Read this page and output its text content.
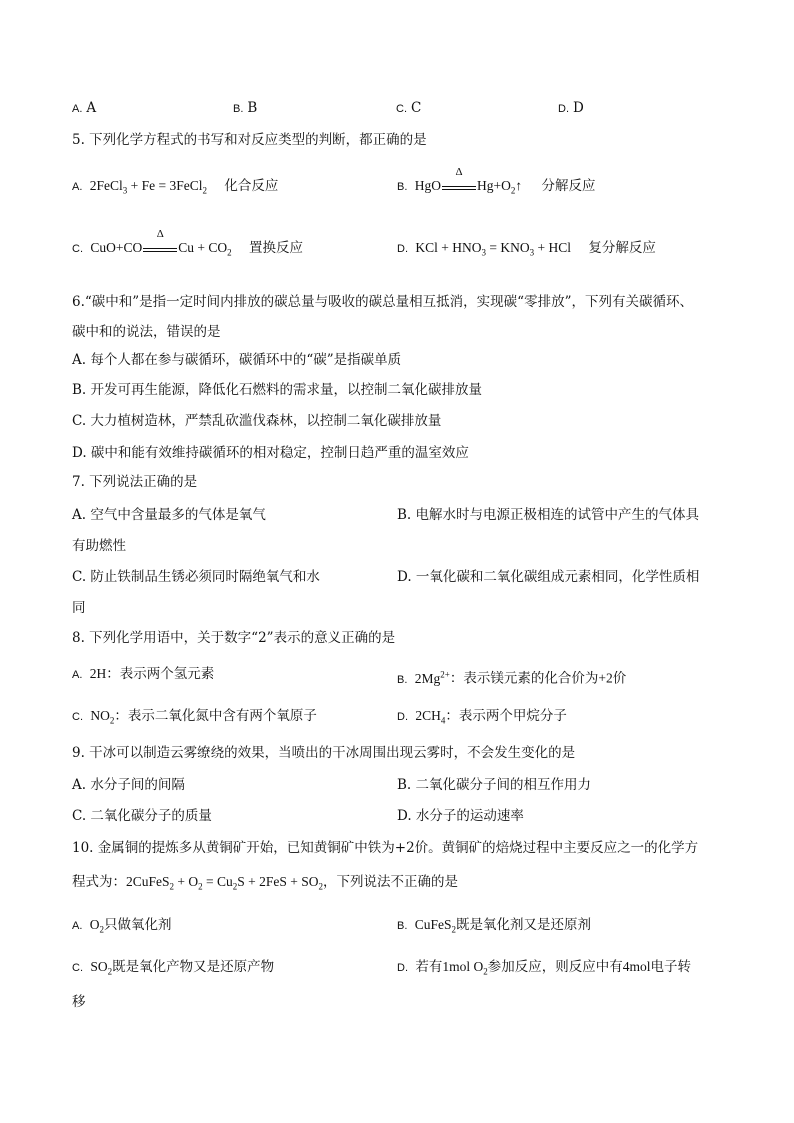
A. A	B. B	C. C	D. D
5. 下列化学方程式的书写和对反应类型的判断，都正确的是
A. 2FeCl$_3$ + Fe = 3FeCl$_2$ 化合反应	B. HgO
Δ
$Hg+O_2↑$ 分解反应
C. CuO+CO
Δ
$Cu + CO_2$ 置换反应	D. KCl + $HNO_3 = KNO_3$ + HCl 复分解反应
6.“碳中和”是指一定时间内排放的碳总量与吸收的碳总量相互抵消，实现碳“零排放”，下列有关碳循环、
碳中和的说法，错误的是
A. 每个人都在参与碳循环，碳循环中的“碳”是指碳单质
B. 开发可再生能源，降低化石燃料的需求量，以控制二氧化碳排放量
C. 大力植树造林，严禁乱砍滥伐森林，以控制二氧化碳排放量
D. 碳中和能有效维持碳循环的相对稳定，控制日趋严重的温室效应
7. 下列说法正确的是
A. 空气中含量最多的气体是氧气	B. 电解水时与电源正极相连的试管中产生的气体具
有助燃性
C. 防止铁制品生锈必须同时隔绝氧气和水	D. 一氧化碳和二氧化碳组成元素相同，化学性质相
同
8. 下列化学用语中，关于数字“2”表示的意义正确的是
A. 2H：表示两个氢元素	B. $2Mg^{2+}$：表示镁元素的化合价为+2价
C. $NO_2$：表示二氧化氮中含有两个氧原子	D. $2CH_4$：表示两个甲烷分子
9. 干冰可以制造云雾缭绕的效果，当喷出的干冰周围出现云雾时，不会发生变化的是
A. 水分子间的间隔	B. 二氧化碳分子间的相互作用力
C. 二氧化碳分子的质量	D. 水分子的运动速率
10. 金属铜的提炼多从黄铜矿开始，已知黄铜矿中铁为+2价。黄铜矿的焙烧过程中主要反应之一的化学方
程式为：2CuFeS$_2$ + $O_2 = Cu_2S + 2FeS + SO_2$，下列说法不正确的是
A. $O_2$只做氧化剂	B. CuFeS$_2$既是氧化剂又是还原剂
C. $SO_2$既是氧化产物又是还原产物	D. 若有1mol $O_2$参加反应，则反应中有4mol电子转
移
